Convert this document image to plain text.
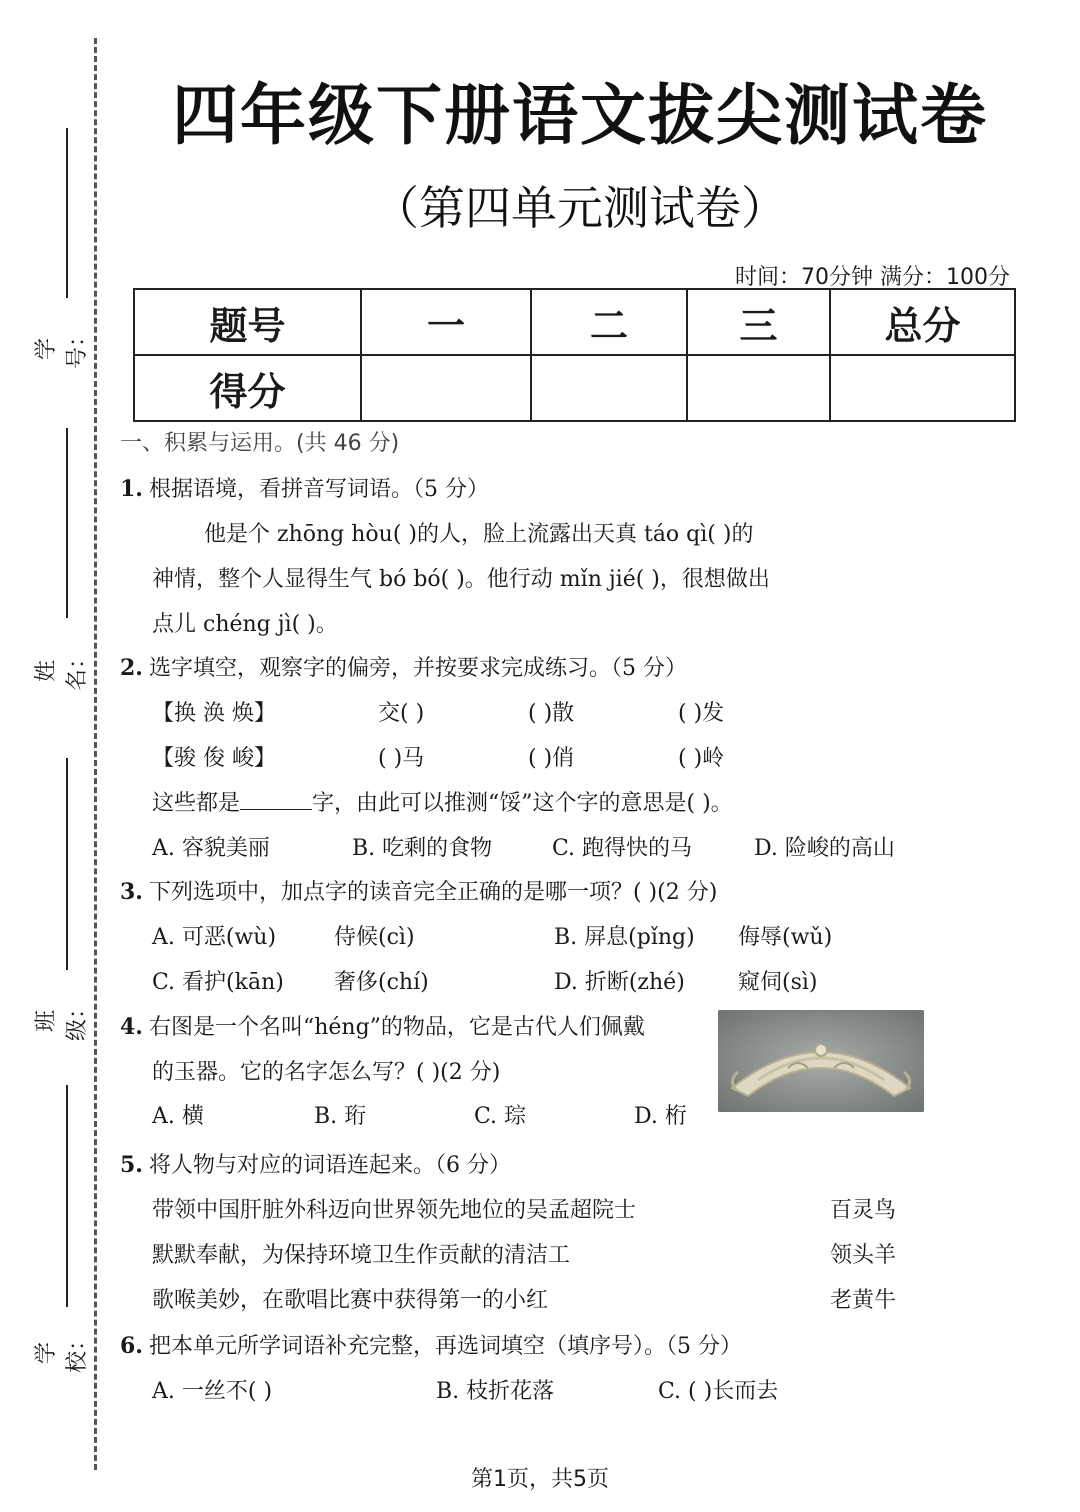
学号：
姓名：
班级：
学校：
四年级下册语文拔尖测试卷
（第四单元测试卷）
时间：70分钟 满分：100分
题号	一	二	三	总分
得分				
一、积累与运用。(共 46 分)
1. 根据语境，看拼音写词语。（5 分）
他是个 zhōng hòu( )的人，脸上流露出天真 táo qì( )的
神情，整个人显得生气 bó bó( )。他行动 mǐn jié( )，很想做出
点儿 chéng jì( )。
2. 选字填空，观察字的偏旁，并按要求完成练习。（5 分）
【换 涣 焕】	交( )	( )散	( )发
【骏 俊 峻】	( )马	( )俏	( )岭
这些都是	字，由此可以推测“馁”这个字的意思是( )。
A. 容貌美丽	B. 吃剩的食物	C. 跑得快的马	D. 险峻的高山
3. 下列选项中，加点字的读音完全正确的是哪一项？( )(2 分)
A. 可恶(wù)	侍候(cì)	B. 屏息(pǐng) 侮辱(wǔ)
C. 看护(kān) 奢侈(chí)	D. 折断(zhé) 窥伺(sì)
4. 右图是一个名叫“héng”的物品，它是古代人们佩戴
的玉器。它的名字怎么写？( )(2 分)
A. 横	B. 珩	C. 琮	D. 桁
5. 将人物与对应的词语连起来。（6 分）
带领中国肝脏外科迈向世界领先地位的吴孟超院士	百灵鸟
默默奉献，为保持环境卫生作贡献的清洁工	领头羊
歌喉美妙，在歌唱比赛中获得第一的小红	老黄牛
6. 把本单元所学词语补充完整，再选词填空（填序号）。（5 分）
A. 一丝不( )	B. 枝折花落	C. ( )长而去
第1页，共5页
